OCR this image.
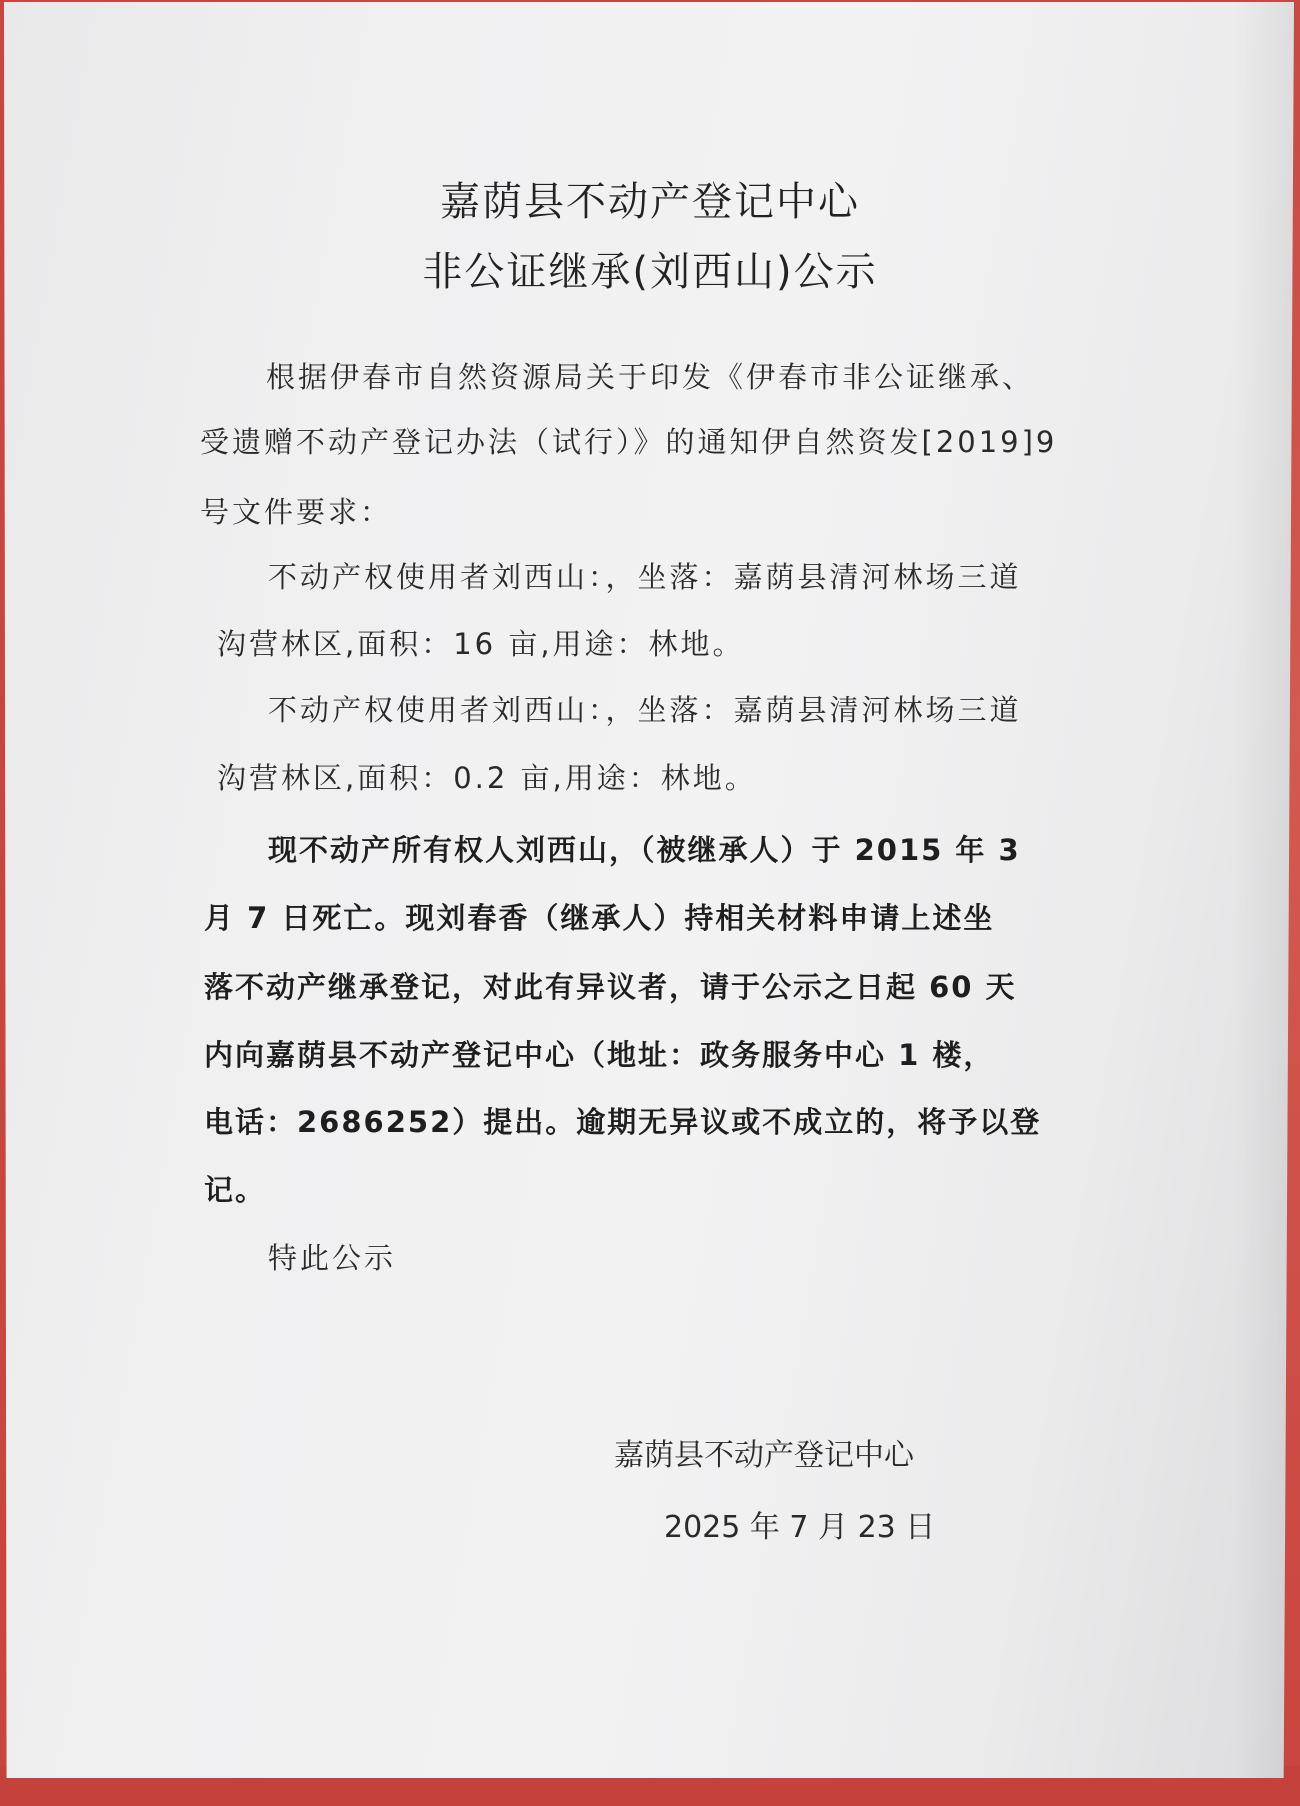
嘉荫县不动产登记中心
非公证继承(刘西山)公示

根据伊春市自然资源局关于印发《伊春市非公证继承、

受遗赠不动产登记办法（试行）》的通知伊自然资发[2019]9

号文件要求：

不动产权使用者刘西山：，坐落：嘉荫县清河林场三道

沟营林区,面积：16 亩,用途：林地。

不动产权使用者刘西山：，坐落：嘉荫县清河林场三道

沟营林区,面积：0.2 亩,用途：林地。

现不动产所有权人刘西山，（被继承人）于 2015 年 3

月 7 日死亡。现刘春香（继承人）持相关材料申请上述坐

落不动产继承登记，对此有异议者，请于公示之日起 60 天

内向嘉荫县不动产登记中心（地址：政务服务中心 1 楼，

电话：2686252）提出。逾期无异议或不成立的，将予以登

记。

特此公示

嘉荫县不动产登记中心

2025 年 7 月 23 日
